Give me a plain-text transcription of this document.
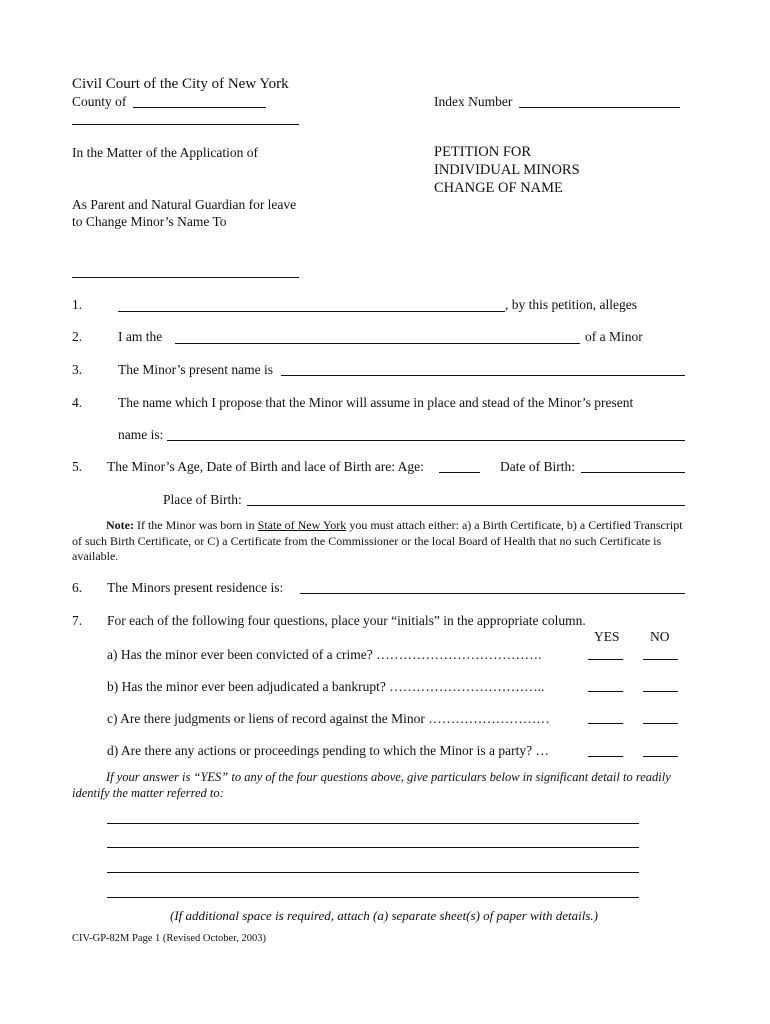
Civil Court of the City of New York
County of	Index Number
In the Matter of the Application of	PETITION FOR
INDIVIDUAL MINORS
CHANGE OF NAME
As Parent and Natural Guardian for leave
to Change Minor’s Name To
1.	, by this petition, alleges
2.	I am the	of a Minor
3.	The Minor’s present name is
4.	The name which I propose that the Minor will assume in place and stead of the Minor’s present
name is:
5. The Minor’s Age, Date of Birth and lace of Birth are: Age:	Date of Birth:
Place of Birth:
Note: If the Minor was born in State of New York you must attach either: a) a Birth Certificate, b) a Certified Transcript of such Birth Certificate, or C) a Certificate from the Commissioner or the local Board of Health that no such Certificate is available.
6. The Minors present residence is:
7. For each of the following four questions, place your “initials” in the appropriate column.
YES NO
a) Has the minor ever been convicted of a crime? ……………………………….
b) Has the minor ever been adjudicated a bankrupt? ……………………………..
c) Are there judgments or liens of record against the Minor ………………………
d) Are there any actions or proceedings pending to which the Minor is a party? …
If your answer is “YES” to any of the four questions above, give particulars below in significant detail to readily identify the matter referred to:
(If additional space is required, attach (a) separate sheet(s) of paper with details.)
CIV-GP-82M Page 1 (Revised October, 2003)
